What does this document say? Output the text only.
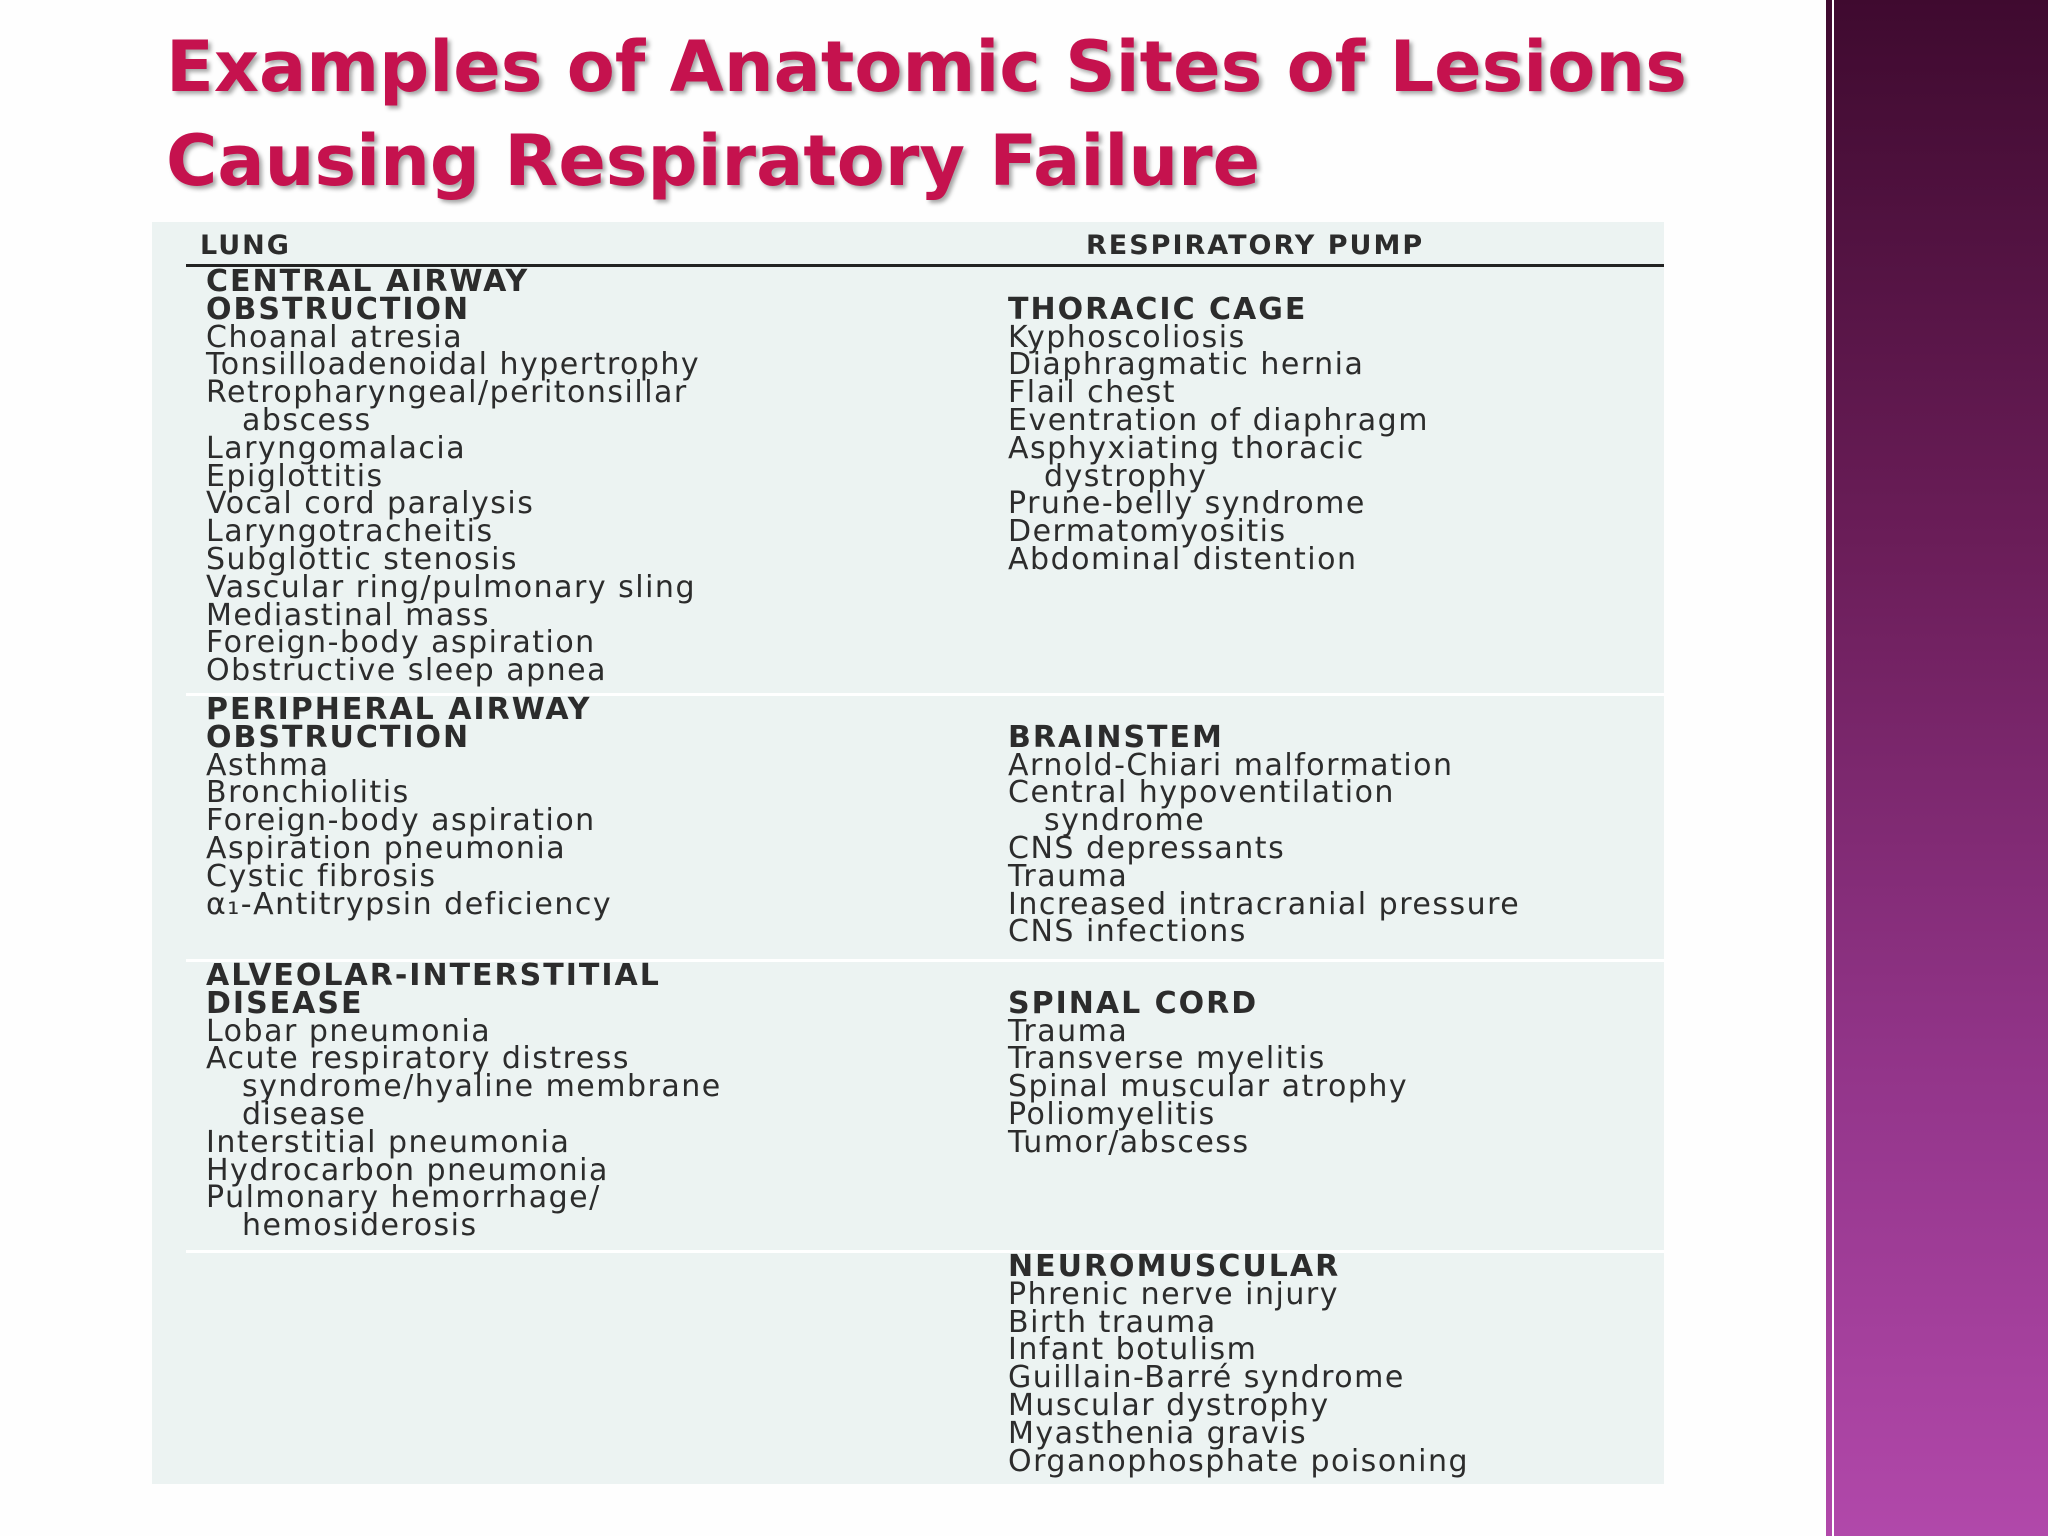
Examples of Anatomic Sites of Lesions
Causing Respiratory Failure
LUNG	RESPIRATORY PUMP
CENTRAL AIRWAY
OBSTRUCTION
Choanal atresia
Tonsilloadenoidal hypertrophy
Retropharyngeal/peritonsillar
abscess
Laryngomalacia
Epiglottitis
Vocal cord paralysis
Laryngotracheitis
Subglottic stenosis
Vascular ring/pulmonary sling
Mediastinal mass
Foreign-body aspiration
Obstructive sleep apnea
THORACIC CAGE
Kyphoscoliosis
Diaphragmatic hernia
Flail chest
Eventration of diaphragm
Asphyxiating thoracic
dystrophy
Prune-belly syndrome
Dermatomyositis
Abdominal distention
PERIPHERAL AIRWAY
OBSTRUCTION
Asthma
Bronchiolitis
Foreign-body aspiration
Aspiration pneumonia
Cystic fibrosis
α₁-Antitrypsin deficiency
BRAINSTEM
Arnold-Chiari malformation
Central hypoventilation
syndrome
CNS depressants
Trauma
Increased intracranial pressure
CNS infections
ALVEOLAR-INTERSTITIAL
DISEASE
Lobar pneumonia
Acute respiratory distress
syndrome/hyaline membrane
disease
Interstitial pneumonia
Hydrocarbon pneumonia
Pulmonary hemorrhage/
hemosiderosis
SPINAL CORD
Trauma
Transverse myelitis
Spinal muscular atrophy
Poliomyelitis
Tumor/abscess
NEUROMUSCULAR
Phrenic nerve injury
Birth trauma
Infant botulism
Guillain-Barré syndrome
Muscular dystrophy
Myasthenia gravis
Organophosphate poisoning
